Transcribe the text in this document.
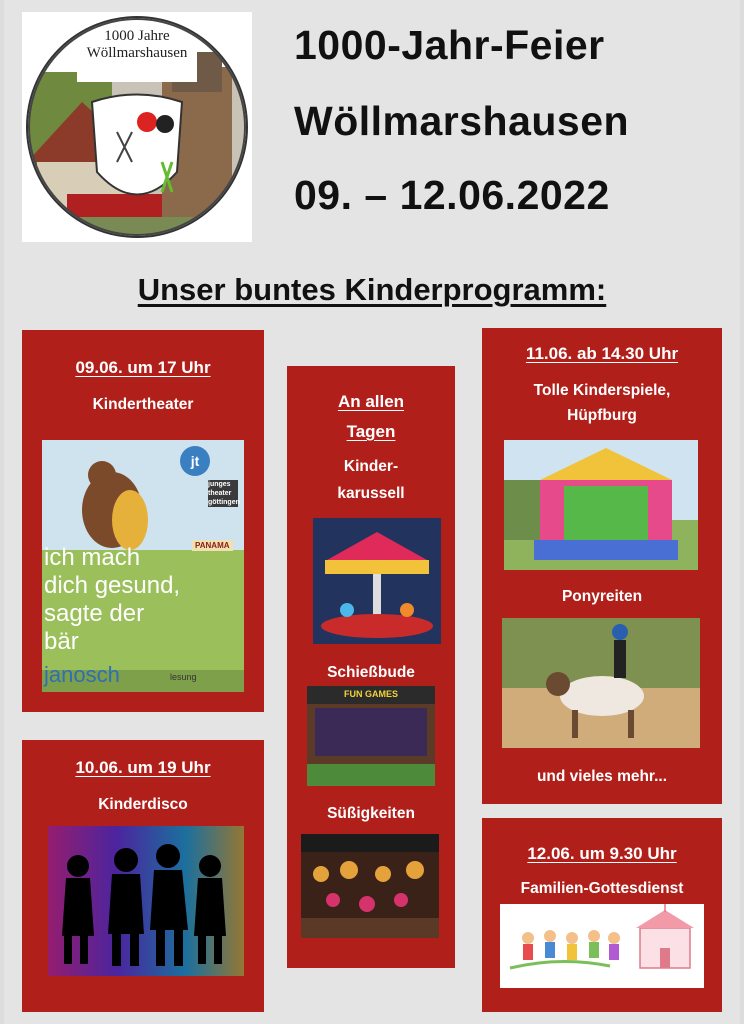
1000 Jahre Wöllmarshausen	1000-Jahr-Feier
Wöllmarshausen
09. – 12.06.2022
Unser buntes Kinderprogramm:
09.06. um 17 Uhr
Kindertheater
jt
junges theater göttingen
PANAMA
ich mach
dich gesund,
sagte der
bär
janosch	lesung
10.06. um 19 Uhr
Kinderdisco
An allen
Tagen
Kinder-
karussell
Schießbude
FUN GAMES
Süßigkeiten
11.06. ab 14.30 Uhr
Tolle Kinderspiele,
Hüpfburg
Ponyreiten
und vieles mehr...
12.06. um 9.30 Uhr
Familien-Gottesdienst
